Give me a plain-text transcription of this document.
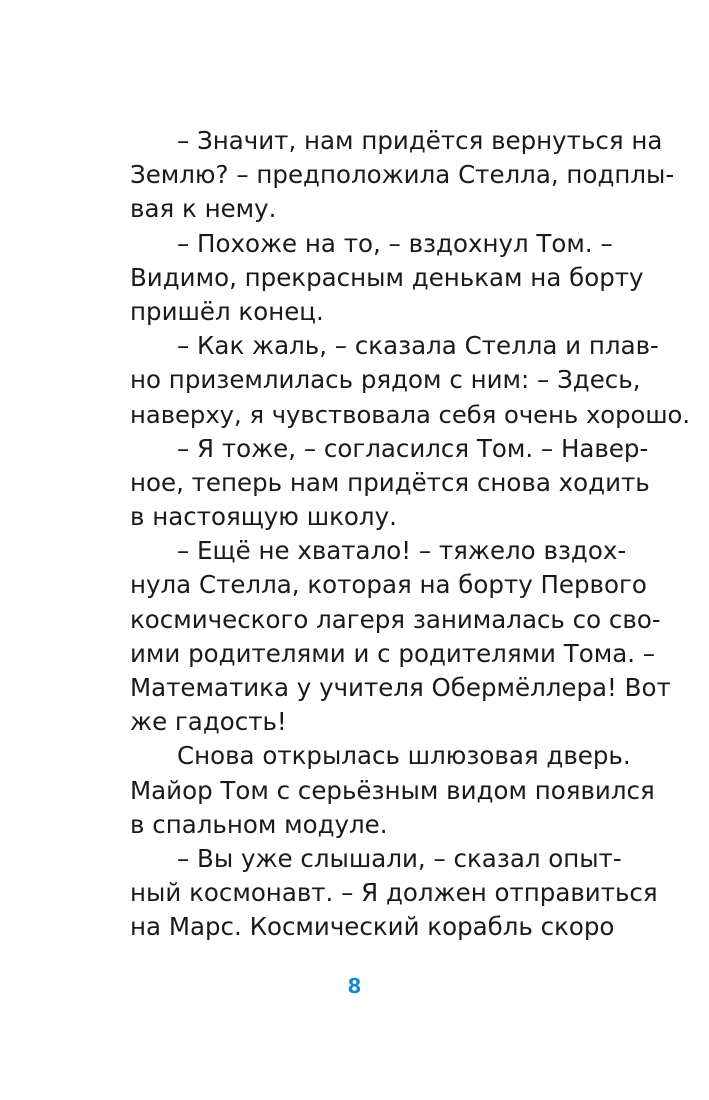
– Значит, нам придётся вернуться на
Землю? – предположила Стелла, подплы-
вая к нему.
– Похоже на то, – вздохнул Том. –
Видимо, прекрасным денькам на борту
пришёл конец.
– Как жаль, – сказала Стелла и плав-
но приземлилась рядом с ним: – Здесь,
наверху, я чувствовала себя очень хорошо.
– Я тоже, – согласился Том. – Навер-
ное, теперь нам придётся снова ходить
в настоящую школу.
– Ещё не хватало! – тяжело вздох-
нула Стелла, которая на борту Первого
космического лагеря занималась со сво-
ими родителями и с родителями Тома. –
Математика у учителя Обермёллера! Вот
же гадость!
Снова открылась шлюзовая дверь.
Майор Том с серьёзным видом появился
в спальном модуле.
– Вы уже слышали, – сказал опыт-
ный космонавт. – Я должен отправиться
на Марс. Космический корабль скоро
8
